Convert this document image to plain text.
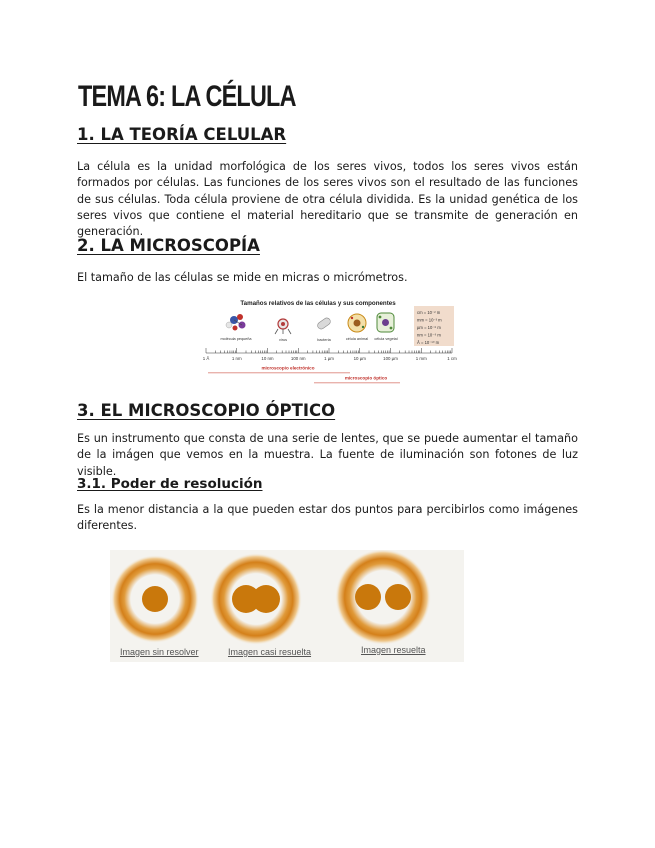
TEMA 6: LA CÉLULA
1. LA TEORÍA CELULAR

La célula es la unidad morfológica de los seres vivos, todos los seres vivos están formados por células. Las funciones de los seres vivos son el resultado de las funciones de sus células. Toda célula proviene de otra célula dividida. Es la unidad genética de los seres vivos que contiene el material hereditario que se transmite de generación en generación.

2. LA MICROSCOPÍA

El tamaño de las células se mide en micras o micrómetros.

Tamaños relativos de las células y sus componentes
molécula pequeña	virus	bacteria	célula animal célula vegetal
cm = 10⁻² m
mm = 10⁻³ m
µm = 10⁻⁶ m
nm = 10⁻⁹ m
Å = 10⁻¹⁰ m
1 Å	1 nm	10 nm	100 nm	1 µm	10 µm	100 µm	1 mm	1 cm
microscopio electrónico
microscopio óptico
3. EL MICROSCOPIO ÓPTICO

Es un instrumento que consta de una serie de lentes, que se puede aumentar el tamaño de la imágen que vemos en la muestra. La fuente de iluminación son fotones de luz visible.

3.1. Poder de resolución

Es la menor distancia a la que pueden estar dos puntos para percibirlos como imágenes diferentes.

Imagen sin resolver	Imagen casi resuelta	Imagen resuelta
